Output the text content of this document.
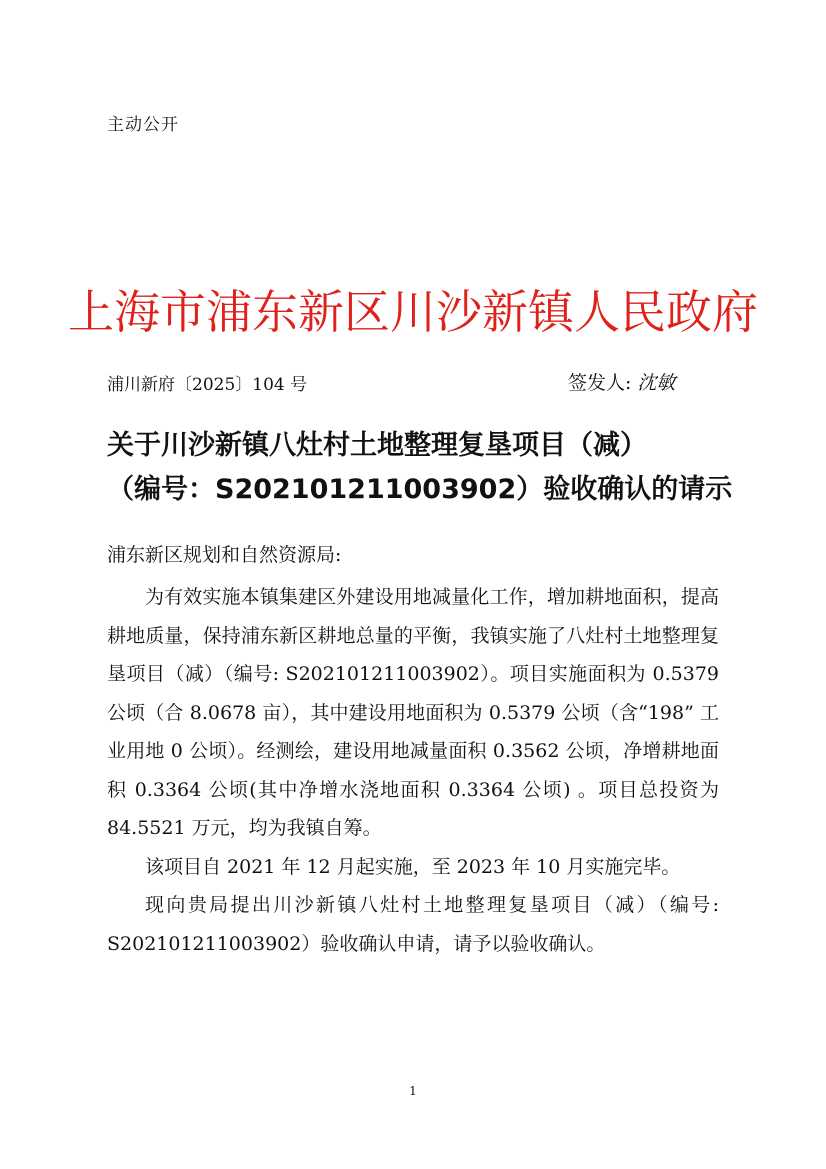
主动公开
上海市浦东新区川沙新镇人民政府
浦川新府〔2025〕104 号	签发人: 沈敏
关于川沙新镇八灶村土地整理复垦项目（减）
（编号：S202101211003902）验收确认的请示
浦东新区规划和自然资源局:

为有效实施本镇集建区外建设用地减量化工作，增加耕地面积，提高耕地质量，保持浦东新区耕地总量的平衡，我镇实施了八灶村土地整理复垦项目（减）（编号: S202101211003902）。项目实施面积为 0.5379 公顷（合 8.0678 亩），其中建设用地面积为 0.5379 公顷（含“198” 工业用地 0 公顷）。经测绘，建设用地减量面积 0.3562 公顷，净增耕地面积 0.3364 公顷(其中净增水浇地面积 0.3364 公顷) 。项目总投资为 84.5521 万元，均为我镇自筹。

该项目自 2021 年 12 月起实施，至 2023 年 10 月实施完毕。

现向贵局提出川沙新镇八灶村土地整理复垦项目（减）（编号: S202101211003902）验收确认申请，请予以验收确认。

1
